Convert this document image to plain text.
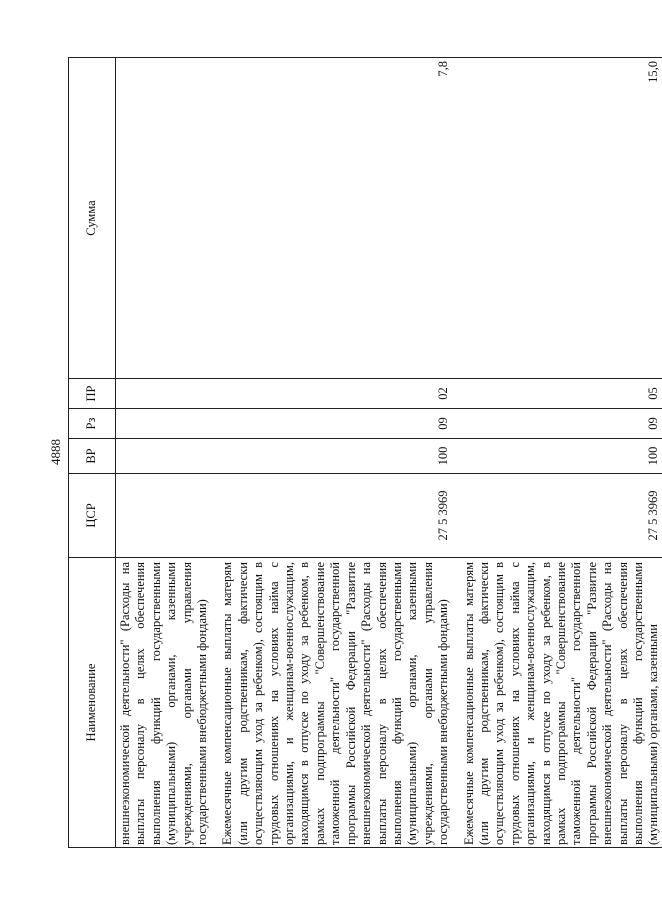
4888
Наименование	ЦСР	ВР	Рз	ПР	Сумма
внешнеэкономической деятельности" (Расходы на выплаты персоналу в целях обеспечения выполнения функций государственными (муниципальными) органами, казенными учреждениями, органами управления государственными внебюджетными фондами)					
Ежемесячные компенсационные выплаты матерям (или другим родственникам, фактически осуществляющим уход за ребенком), состоящим в трудовых отношениях на условиях найма с организациями, и женщинам-военнослужащим, находящимся в отпуске по уходу за ребенком, в рамках подпрограммы "Совершенствование таможенной деятельности" государственной программы Российской Федерации "Развитие внешнеэкономической деятельности" (Расходы на выплаты персоналу в целях обеспечения выполнения функций государственными (муниципальными) органами, казенными учреждениями, органами управления государственными внебюджетными фондами)	27 5 3969	100	09	02	7,8
Ежемесячные компенсационные выплаты матерям (или другим родственникам, фактически осуществляющим уход за ребенком), состоящим в трудовых отношениях на условиях найма с организациями, и женщинам-военнослужащим, находящимся в отпуске по уходу за ребенком, в рамках подпрограммы "Совершенствование таможенной деятельности" государственной программы Российской Федерации "Развитие внешнеэкономической деятельности" (Расходы на выплаты персоналу в целях обеспечения выполнения функций государственными (муниципальными) органами, казенными	27 5 3969	100	09	05	15,0
